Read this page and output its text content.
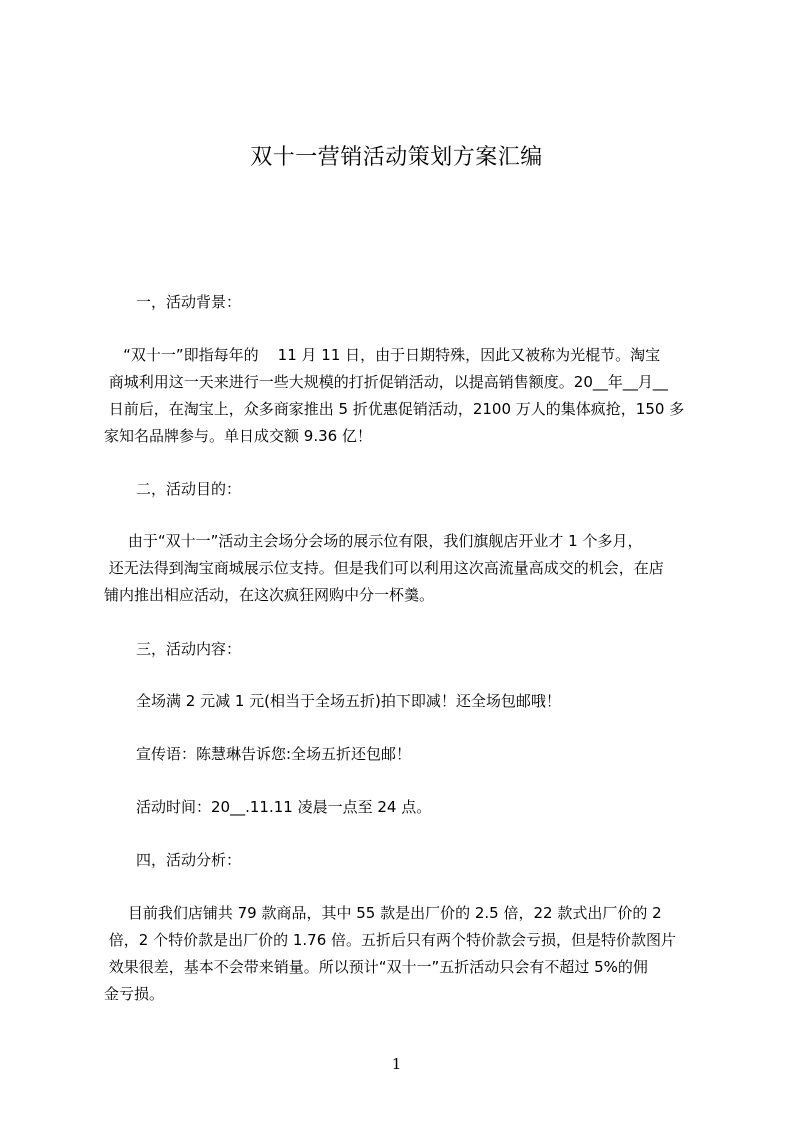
双十一营销活动策划方案汇编
一，活动背景：
“双十一”即指每年的    11 月 11 日，由于日期特殊，因此又被称为光棍节。淘宝
商城利用这一天来进行一些大规模的打折促销活动，以提高销售额度。20__年__月__
日前后，在淘宝上，众多商家推出 5 折优惠促销活动，2100 万人的集体疯抢，150 多
家知名品牌参与。单日成交额 9.36 亿！
二，活动目的：
由于“双十一”活动主会场分会场的展示位有限，我们旗舰店开业才 1 个多月，
还无法得到淘宝商城展示位支持。但是我们可以利用这次高流量高成交的机会，在店
铺内推出相应活动，在这次疯狂网购中分一杯羹。
三，活动内容：
全场满 2 元减 1 元(相当于全场五折)拍下即减！还全场包邮哦！
宣传语：陈慧琳告诉您:全场五折还包邮！
活动时间：20__.11.11 凌晨一点至 24 点。
四，活动分析：
目前我们店铺共 79 款商品，其中 55 款是出厂价的 2.5 倍，22 款式出厂价的 2
倍，2 个特价款是出厂价的 1.76 倍。五折后只有两个特价款会亏损，但是特价款图片
效果很差，基本不会带来销量。所以预计“双十一”五折活动只会有不超过 5%的佣
金亏损。
1
